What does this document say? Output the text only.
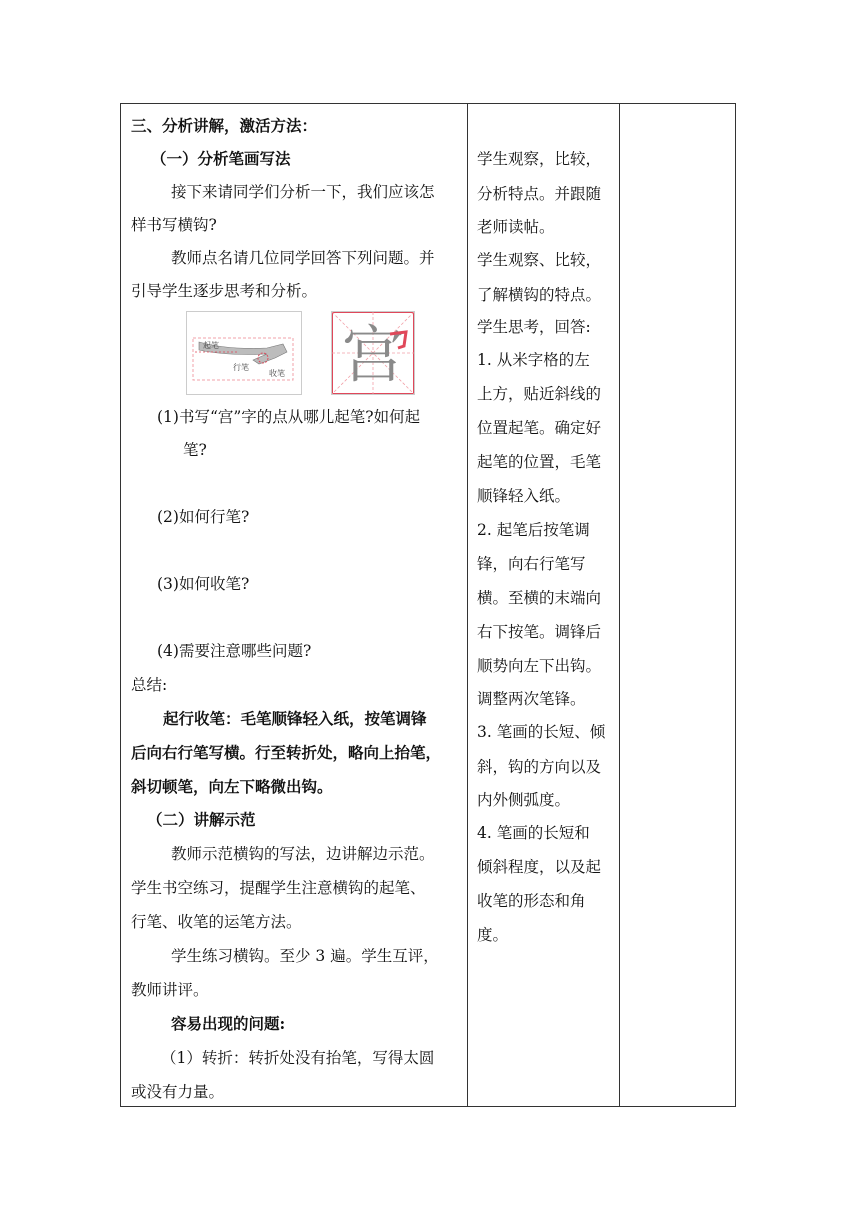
三、分析讲解，激活方法：
（一）分析笔画写法
接下来请同学们分析一下，我们应该怎
样书写横钩?
教师点名请几位同学回答下列问题。并
引导学生逐步思考和分析。
起笔
行笔
收笔 宫
(1)书写“宫”字的点从哪儿起笔?如何起
笔?
(2)如何行笔?
(3)如何收笔?
(4)需要注意哪些问题?
总结:
起行收笔：毛笔顺锋轻入纸，按笔调锋
后向右行笔写横。行至转折处，略向上抬笔，
斜切顿笔，向左下略微出钩。
（二）讲解示范
教师示范横钩的写法，边讲解边示范。
学生书空练习，提醒学生注意横钩的起笔、
行笔、收笔的运笔方法。
学生练习横钩。至少 3 遍。学生互评，
教师讲评。
容易出现的问题:
（1）转折：转折处没有抬笔，写得太圆
或没有力量。
学生观察，比较，
分析特点。并跟随
老师读帖。
学生观察、比较，
了解横钩的特点。
学生思考，回答:
1. 从米字格的左
上方，贴近斜线的
位置起笔。确定好
起笔的位置，毛笔
顺锋轻入纸。
2. 起笔后按笔调
锋，向右行笔写
横。至横的末端向
右下按笔。调锋后
顺势向左下出钩。
调整两次笔锋。
3. 笔画的长短、倾
斜，钩的方向以及
内外侧弧度。
4. 笔画的长短和
倾斜程度，以及起
收笔的形态和角
度。
